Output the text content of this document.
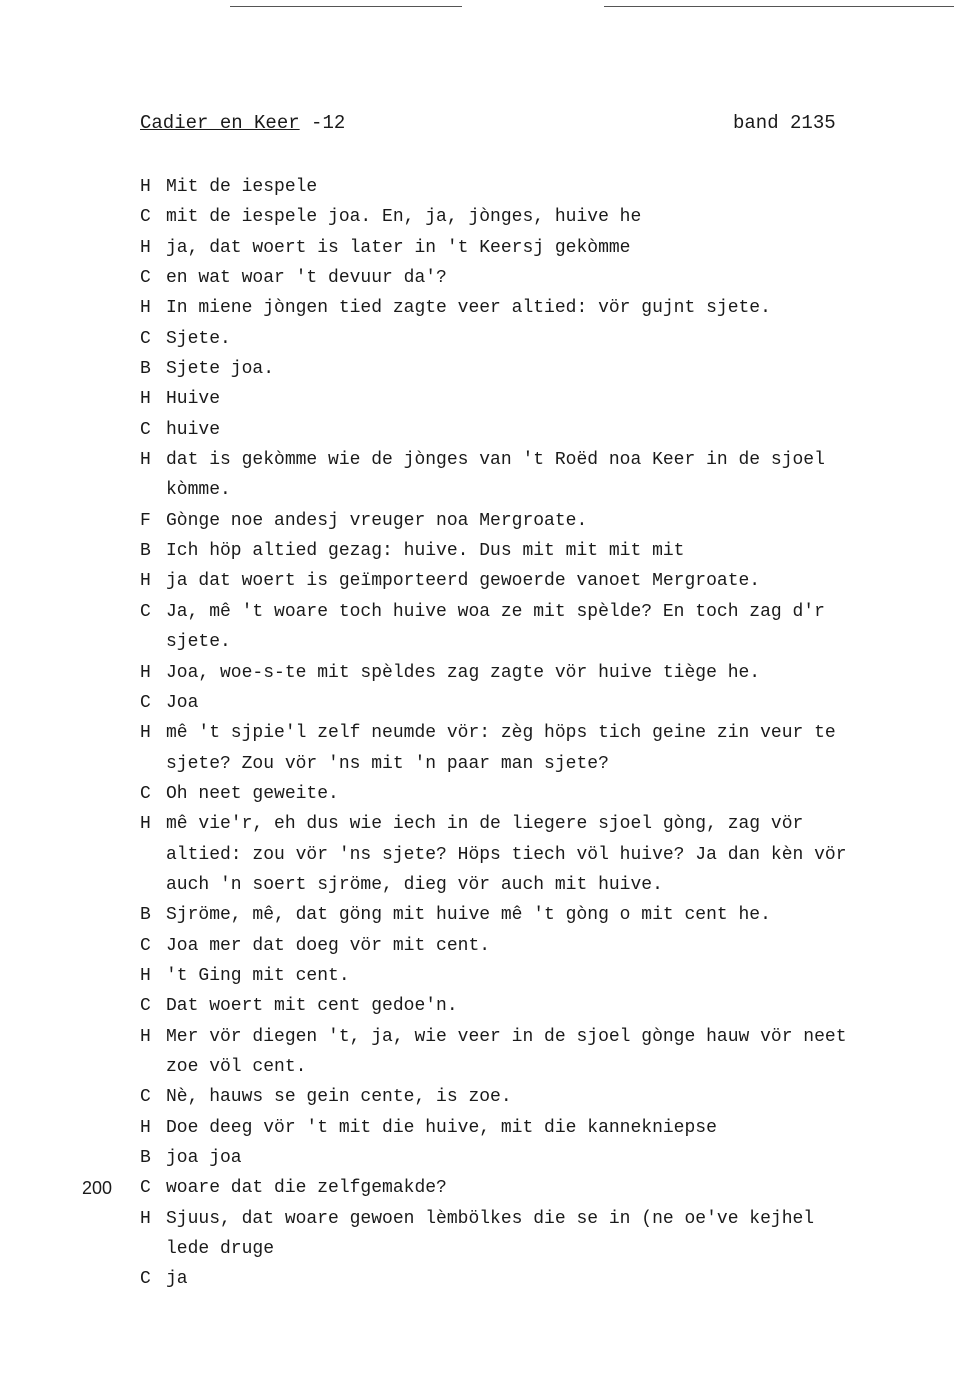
Cadier en Keer -12	band 2135
H Mit de iespele
C mit de iespele joa. En, ja, jònges, huive he
H ja, dat woert is later in 't Keersj gekòmme
C en wat woar 't devuur da'?
H In miene jòngen tied zagte veer altied: vör gujnt sjete.
C Sjete.
B Sjete joa.
H Huive
C huive
H dat is gekòmme wie de jònges van 't Roëd noa Keer in de sjoel
kòmme.
F Gònge noe andesj vreuger noa Mergroate.
B Ich höp altied gezag: huive. Dus mit mit mit mit
H ja dat woert is geïmporteerd gewoerde vanoet Mergroate.
C Ja, mê 't woare toch huive woa ze mit spèlde? En toch zag d'r
sjete.
H Joa, woe-s-te mit spèldes zag zagte vör huive tiège he.
C Joa
H mê 't sjpie'l zelf neumde vör: zèg höps tich geine zin veur te
sjete? Zou vör 'ns mit 'n paar man sjete?
C Oh neet geweite.
H mê vie'r, eh dus wie iech in de liegere sjoel gòng, zag vör
altied: zou vör 'ns sjete? Höps tiech völ huive? Ja dan kèn vör
auch 'n soert sjröme, dieg vör auch mit huive.
B Sjröme, mê, dat göng mit huive mê 't gòng o mit cent he.
C Joa mer dat doeg vör mit cent.
H 't Ging mit cent.
C Dat woert mit cent gedoe'n.
H Mer vör diegen 't, ja, wie veer in de sjoel gònge hauw vör neet
zoe völ cent.
C Nè, hauws se gein cente, is zoe.
H Doe deeg vör 't mit die huive, mit die kannekniepse
B joa joa
200	C woare dat die zelfgemakde?
H Sjuus, dat woare gewoen lèmbölkes die se in (ne oe've kejhel
lede druge
C ja
